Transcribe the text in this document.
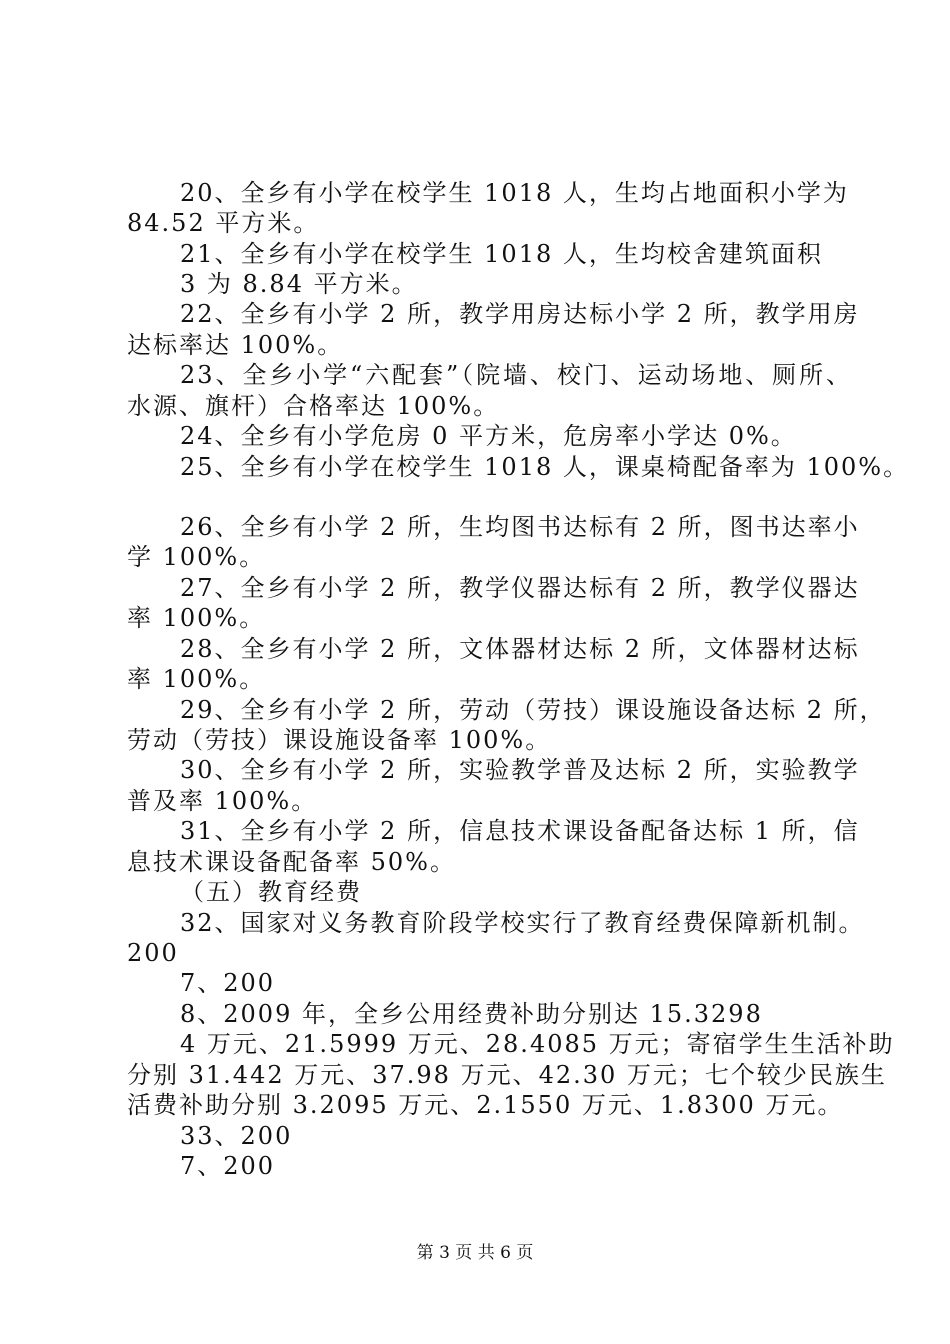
20、全乡有小学在校学生 1018 人，生均占地面积小学为
84.52 平方米。
21、全乡有小学在校学生 1018 人，生均校舍建筑面积
3 为 8.84 平方米。
22、全乡有小学 2 所，教学用房达标小学 2 所，教学用房
达标率达 100%。
23、全乡小学“六配套”（院墙、校门、运动场地、厕所、
水源、旗杆）合格率达 100%。
24、全乡有小学危房 0 平方米，危房率小学达 0%。
25、全乡有小学在校学生 1018 人，课桌椅配备率为 100%。
26、全乡有小学 2 所，生均图书达标有 2 所，图书达率小
学 100%。
27、全乡有小学 2 所，教学仪器达标有 2 所，教学仪器达
率 100%。
28、全乡有小学 2 所，文体器材达标 2 所，文体器材达标
率 100%。
29、全乡有小学 2 所，劳动（劳技）课设施设备达标 2 所，
劳动（劳技）课设施设备率 100%。
30、全乡有小学 2 所，实验教学普及达标 2 所，实验教学
普及率 100%。
31、全乡有小学 2 所，信息技术课设备配备达标 1 所，信
息技术课设备配备率 50%。
（五）教育经费
32、国家对义务教育阶段学校实行了教育经费保障新机制。
200
7、200
8、2009 年，全乡公用经费补助分别达 15.3298
4 万元、21.5999 万元、28.4085 万元；寄宿学生生活补助
分别 31.442 万元、37.98 万元、42.30 万元；七个较少民族生
活费补助分别 3.2095 万元、2.1550 万元、1.8300 万元。
33、200
7、200
第 3 页 共 6 页
